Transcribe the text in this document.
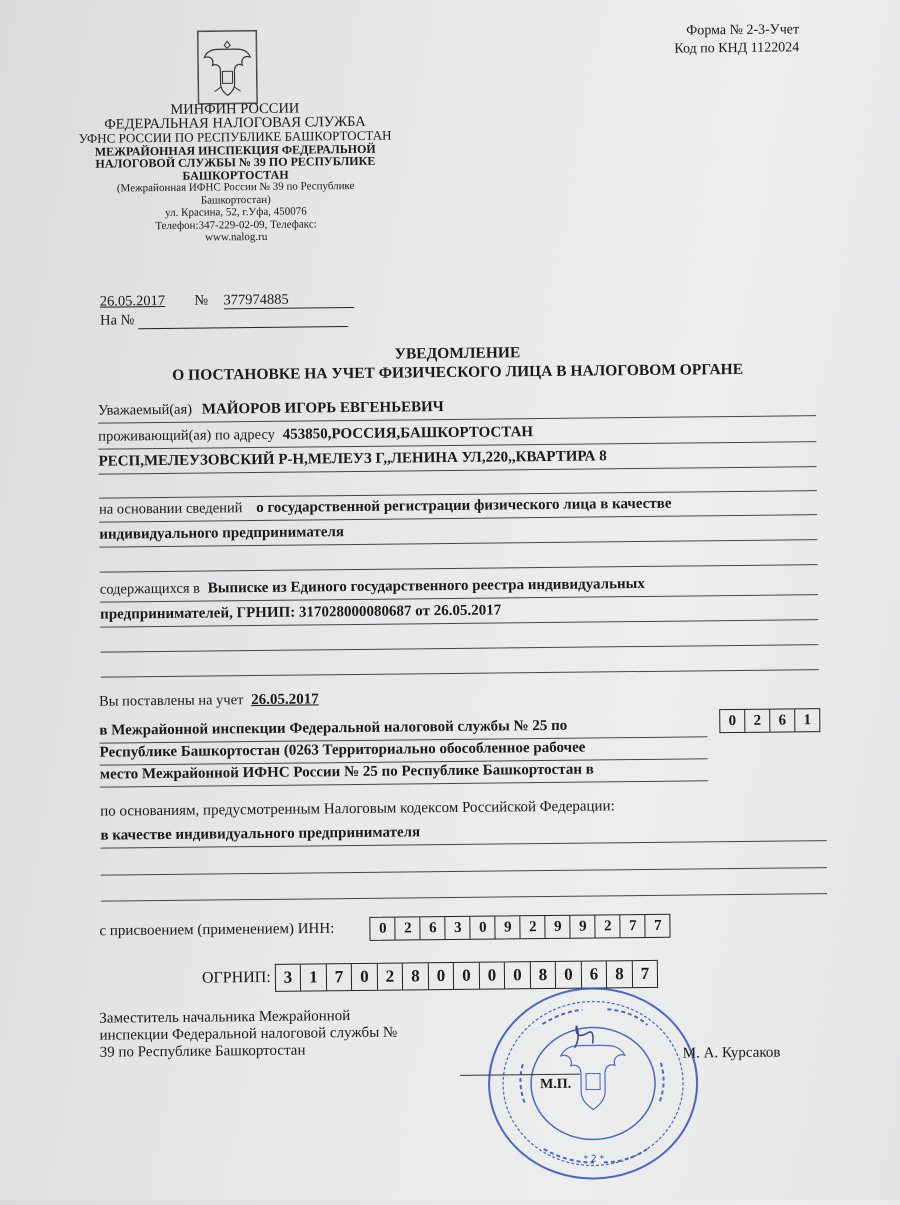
Форма № 2-3-Учет
Код по КНД 1122024
МИНФИН РОССИИ
ФЕДЕРАЛЬНАЯ НАЛОГОВАЯ СЛУЖБА
УФНС РОССИИ ПО РЕСПУБЛИКЕ БАШКОРТОСТАН
МЕЖРАЙОННАЯ ИНСПЕКЦИЯ ФЕДЕРАЛЬНОЙ
НАЛОГОВОЙ СЛУЖБЫ № 39 ПО РЕСПУБЛИКЕ
БАШКОРТОСТАН
(Межрайонная ИФНС России № 39 по Республике
Башкортостан)
ул. Красина, 52, г.Уфа, 450076
Телефон:347-229-02-09, Телефакс:
www.nalog.ru
26.05.2017 № 377974885
На №
УВЕДОМЛЕНИЕ
О ПОСТАНОВКЕ НА УЧЕТ ФИЗИЧЕСКОГО ЛИЦА В НАЛОГОВОМ ОРГАНЕ
Уважаемый(ая) МАЙОРОВ ИГОРЬ ЕВГЕНЬЕВИЧ
проживающий(ая) по адресу 453850,РОССИЯ,БАШКОРТОСТАН
РЕСП,МЕЛЕУЗОВСКИЙ Р-Н,МЕЛЕУЗ Г,,ЛЕНИНА УЛ,220,,КВАРТИРА 8
на основании сведений о государственной регистрации физического лица в качестве
индивидуального предпринимателя
содержащихся в Выписке из Единого государственного реестра индивидуальных
предпринимателей, ГРНИП: 317028000080687 от 26.05.2017
Вы поставлены на учет 26.05.2017
в Межрайонной инспекции Федеральной налоговой службы № 25 по
Республике Башкортостан (0263 Территориально обособленное рабочее
место Межрайонной ИФНС России № 25 по Республике Башкортостан в
0	2	6	1
по основаниям, предусмотренным Налоговым кодексом Российской Федерации:
в качестве индивидуального предпринимателя
с присвоением (применением) ИНН:	0	2	6	3	0	9	2	9	9	2	7	7
ОГРНИП: 3 1 7 0 2 8 0 0 0 0 8 0 6 8 7
Заместитель начальника Межрайонной
инспекции Федеральной налоговой службы №
39 по Республике Башкортостан
* 2 *
М.П.
М. А. Курсаков
